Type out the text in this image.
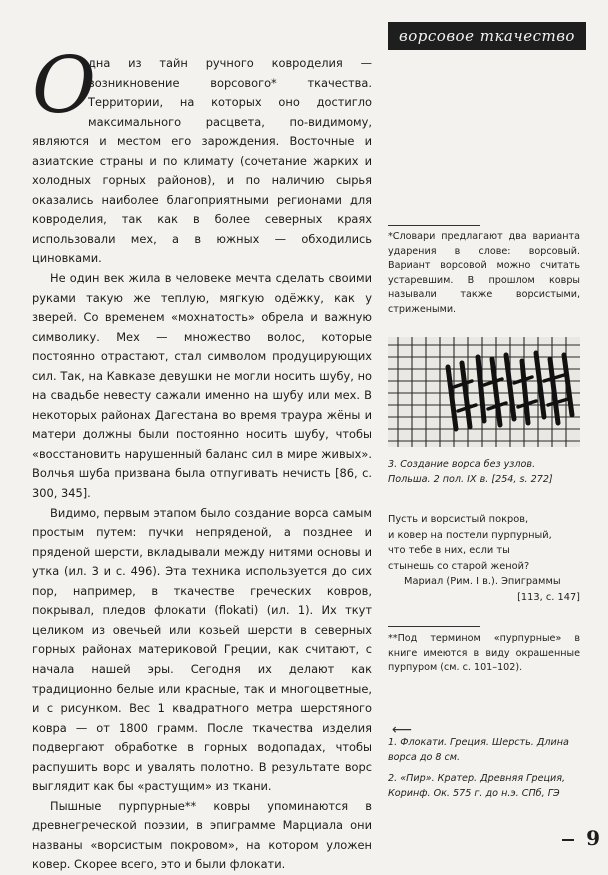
ворсовое ткачество

О
дна из тайн ручного ковроделия — возникновение ворсового* ткачества. Территории, на которых оно достигло максимального расцвета, по-видимому, являются и местом его зарождения. Восточные и азиатские страны и по климату (сочетание жарких и холодных горных районов), и по наличию сырья оказались наиболее благоприятными регионами для ковроделия, так как в более северных краях использовали мех, а в южных — обходились циновками.

Не один век жила в человеке мечта сделать своими руками такую же теплую, мягкую одёжку, как у зверей. Со временем «мохнатость» обрела и важную символику. Мех — множество волос, которые постоянно отрастают, стал символом продуцирующих сил. Так, на Кавказе девушки не могли носить шубу, но на свадьбе невесту сажали именно на шубу или мех. В некоторых районах Дагестана во время траура жёны и матери должны были постоянно носить шубу, чтобы «восстановить нарушенный баланс сил в мире живых». Волчья шуба призвана была отпугивать нечисть [86, с. 300, 345].

Видимо, первым этапом было создание ворса самым простым путем: пучки непряденой, а позднее и пряденой шерсти, вкладывали между нитями основы и утка (ил. 3 и с. 496). Эта техника используется до сих пор, например, в ткачестве греческих ковров, покрывал, пледов флокати (flokati) (ил. 1). Их ткут целиком из овечьей или козьей шерсти в северных горных районах материковой Греции, как считают, с начала нашей эры. Сегодня их делают как традиционно белые или красные, так и многоцветные, и с рисунком. Вес 1 квадратного метра шерстяного ковра — от 1800 грамм. После ткачества изделия подвергают обработке в горных водопадах, чтобы распушить ворс и увалять полотно. В результате ворс выглядит как бы «растущим» из ткани.

Пышные пурпурные** ковры упоминаются в древнегреческой поэзии, в эпиграмме Марциала они названы «ворсистым покровом», на котором уложен ковер. Скорее всего, это и были флокати.

*Словари предлагают два варианта ударения в слове: ворсовый. Вариант ворсовой можно считать устаревшим. В прошлом ковры называли также ворсистыми, стрижеными.
3. Создание ворса без узлов. Польша. 2 пол. IX в. [254, s. 272]
Пусть и ворсистый покров,
и ковер на постели пурпурный,
что тебе в них, если ты
стынешь со старой женой?
Мариал (Рим. I в.). Эпиграммы
[113, с. 147]
**Под термином «пурпурные» в книге имеются в виду окрашенные пурпуром (см. с. 101–102).
⟵
1. Флокати. Греция. Шерсть. Длина ворса до 8 см.
2. «Пир». Кратер. Древняя Греция, Коринф. Ок. 575 г. до н.э. СПб, ГЭ
9
